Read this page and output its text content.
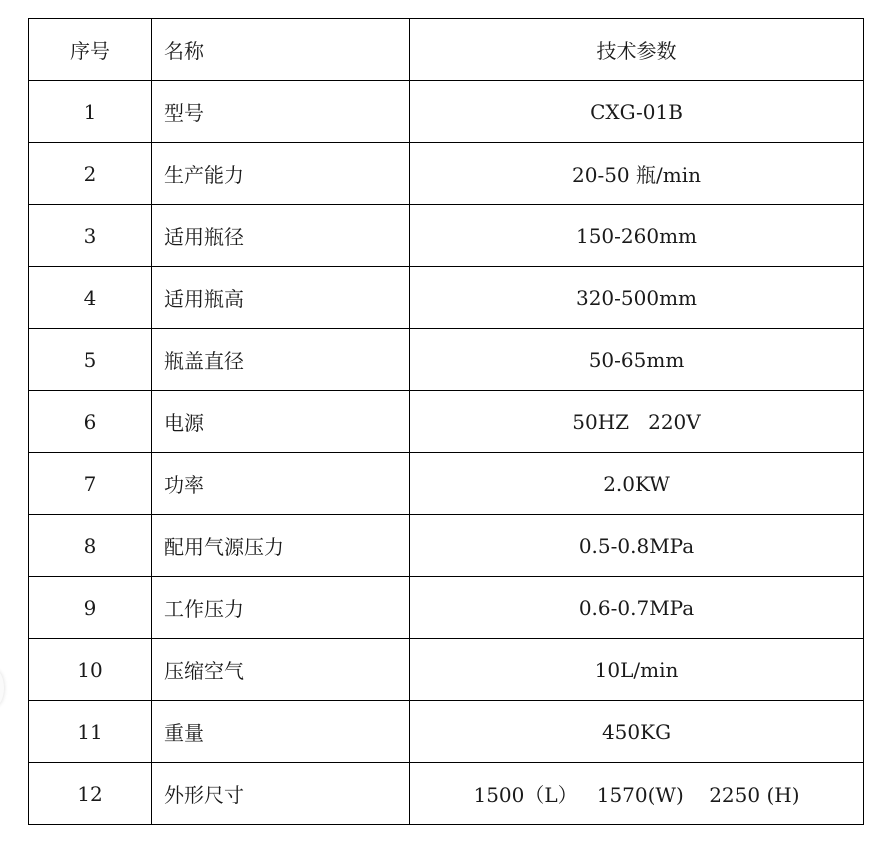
序号	名称	技术参数
1	型号	CXG-01B
2	生产能力	20-50 瓶/min
3	适用瓶径	150-260mm
4	适用瓶高	320-500mm
5	瓶盖直径	50-65mm
6	电源	50HZ   220V
7	功率	2.0KW
8	配用气源压力	0.5-0.8MPa
9	工作压力	0.6-0.7MPa
10	压缩空气	10L/min
11	重量	450KG
12	外形尺寸	1500（L）   1570(W)    2250 (H)
